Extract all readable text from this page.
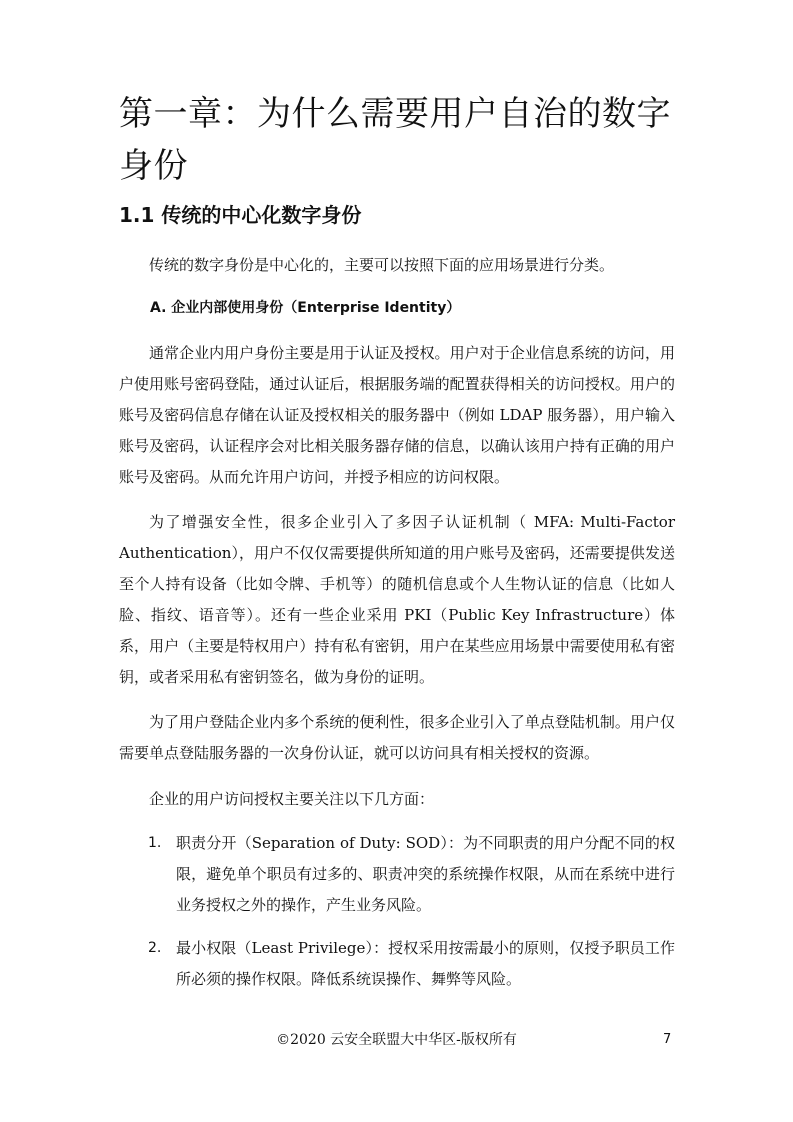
第一章：为什么需要用户自治的数字身份
1.1 传统的中心化数字身份

传统的数字身份是中心化的，主要可以按照下面的应用场景进行分类。

A. 企业内部使用身份（Enterprise Identity）

通常企业内用户身份主要是用于认证及授权。用户对于企业信息系统的访问，用户使用账号密码登陆，通过认证后，根据服务端的配置获得相关的访问授权。用户的账号及密码信息存储在认证及授权相关的服务器中（例如 LDAP 服务器），用户输入账号及密码，认证程序会对比相关服务器存储的信息，以确认该用户持有正确的用户账号及密码。从而允许用户访问，并授予相应的访问权限。

为了增强安全性，很多企业引入了多因子认证机制（ MFA: Multi-Factor Authentication），用户不仅仅需要提供所知道的用户账号及密码，还需要提供发送至个人持有设备（比如令牌、手机等）的随机信息或个人生物认证的信息（比如人脸、指纹、语音等）。还有一些企业采用 PKI（Public Key Infrastructure）体系，用户（主要是特权用户）持有私有密钥，用户在某些应用场景中需要使用私有密钥，或者采用私有密钥签名，做为身份的证明。

为了用户登陆企业内多个系统的便利性，很多企业引入了单点登陆机制。用户仅需要单点登陆服务器的一次身份认证，就可以访问具有相关授权的资源。

企业的用户访问授权主要关注以下几方面：

1. 职责分开（Separation of Duty: SOD）：为不同职责的用户分配不同的权限，避免单个职员有过多的、职责冲突的系统操作权限，从而在系统中进行业务授权之外的操作，产生业务风险。
2. 最小权限（Least Privilege）：授权采用按需最小的原则，仅授予职员工作所必须的操作权限。降低系统误操作、舞弊等风险。
©2020 云安全联盟大中华区-版权所有	7
